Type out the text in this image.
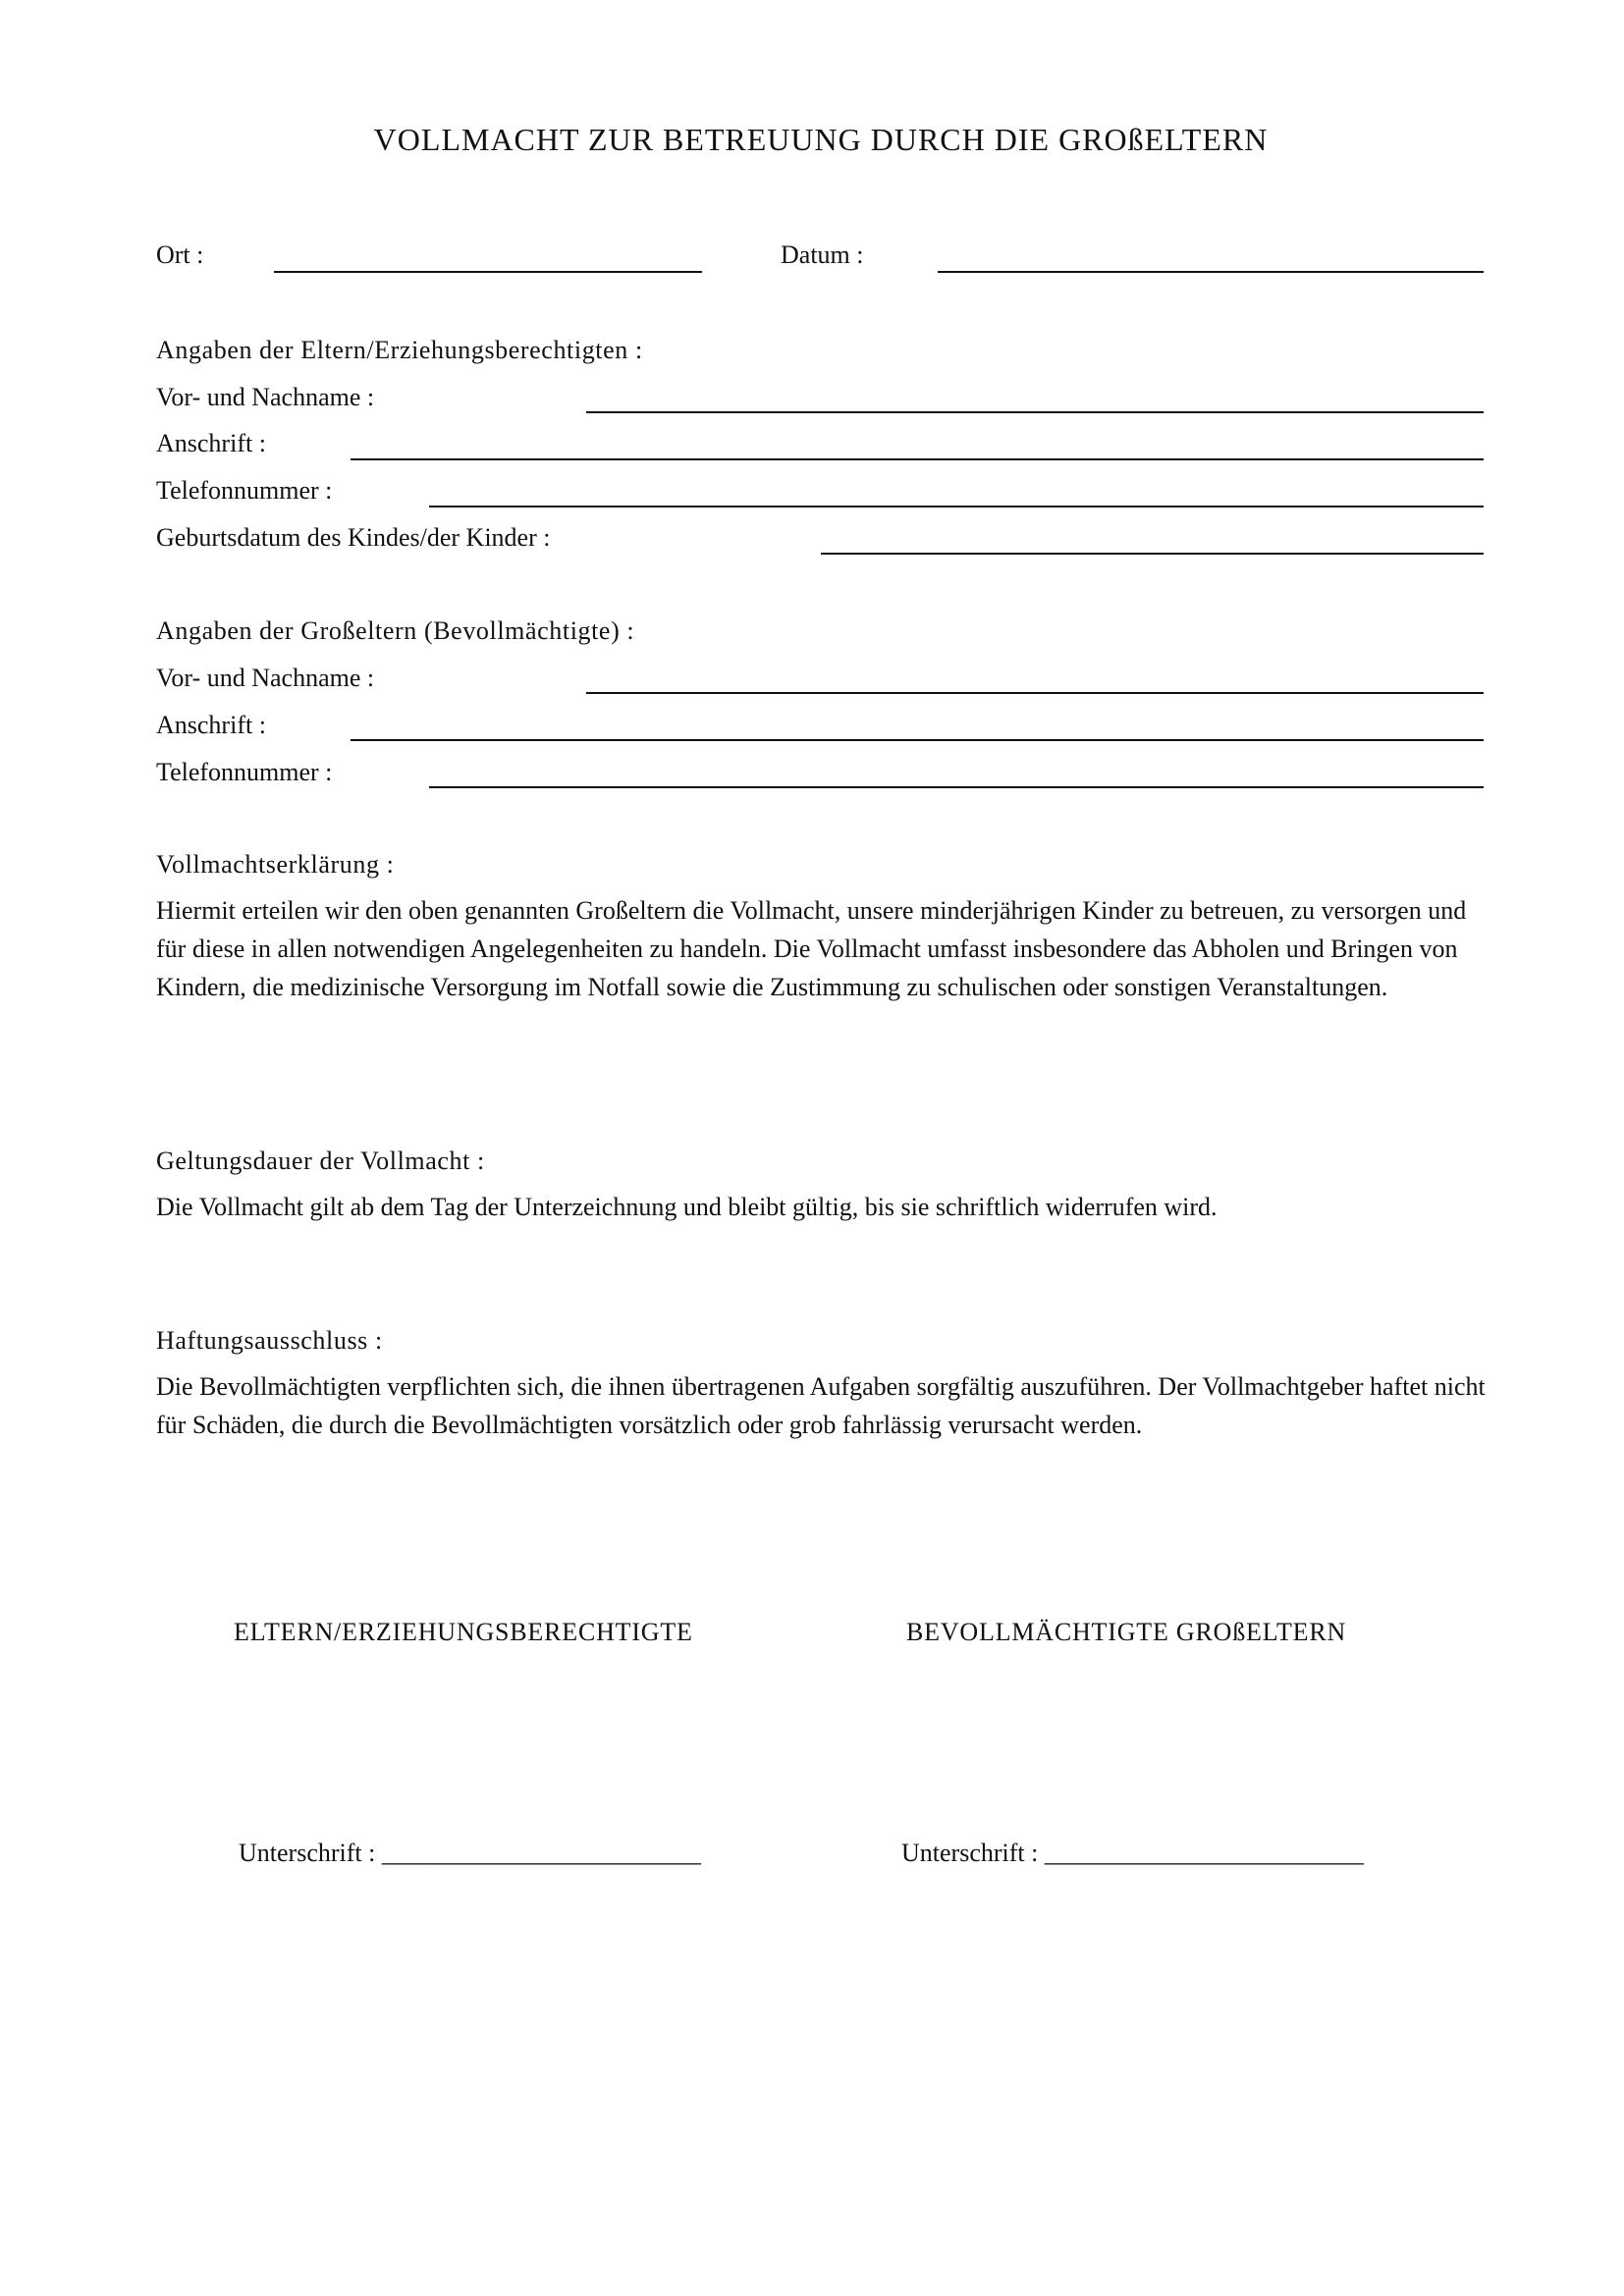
VOLLMACHT ZUR BETREUUNG DURCH DIE GROßELTERN
Ort :	Datum :
Angaben der Eltern/Erziehungsberechtigten :
Vor- und Nachname :
Anschrift :
Telefonnummer :
Geburtsdatum des Kindes/der Kinder :
Angaben der Großeltern (Bevollmächtigte) :
Vor- und Nachname :
Anschrift :
Telefonnummer :
Vollmachtserklärung :
Hiermit erteilen wir den oben genannten Großeltern die Vollmacht, unsere minderjährigen Kinder zu betreuen, zu versorgen und für diese in allen notwendigen Angelegenheiten zu handeln. Die Vollmacht umfasst insbesondere das Abholen und Bringen von Kindern, die medizinische Versorgung im Notfall sowie die Zustimmung zu schulischen oder sonstigen Veranstaltungen.
Geltungsdauer der Vollmacht :
Die Vollmacht gilt ab dem Tag der Unterzeichnung und bleibt gültig, bis sie schriftlich widerrufen wird.
Haftungsausschluss :
Die Bevollmächtigten verpflichten sich, die ihnen übertragenen Aufgaben sorgfältig auszuführen. Der Vollmachtgeber haftet nicht für Schäden, die durch die Bevollmächtigten vorsätzlich oder grob fahrlässig verursacht werden.
ELTERN/ERZIEHUNGSBERECHTIGTE	BEVOLLMÄCHTIGTE GROßELTERN
Unterschrift : _________________________	Unterschrift : _________________________
